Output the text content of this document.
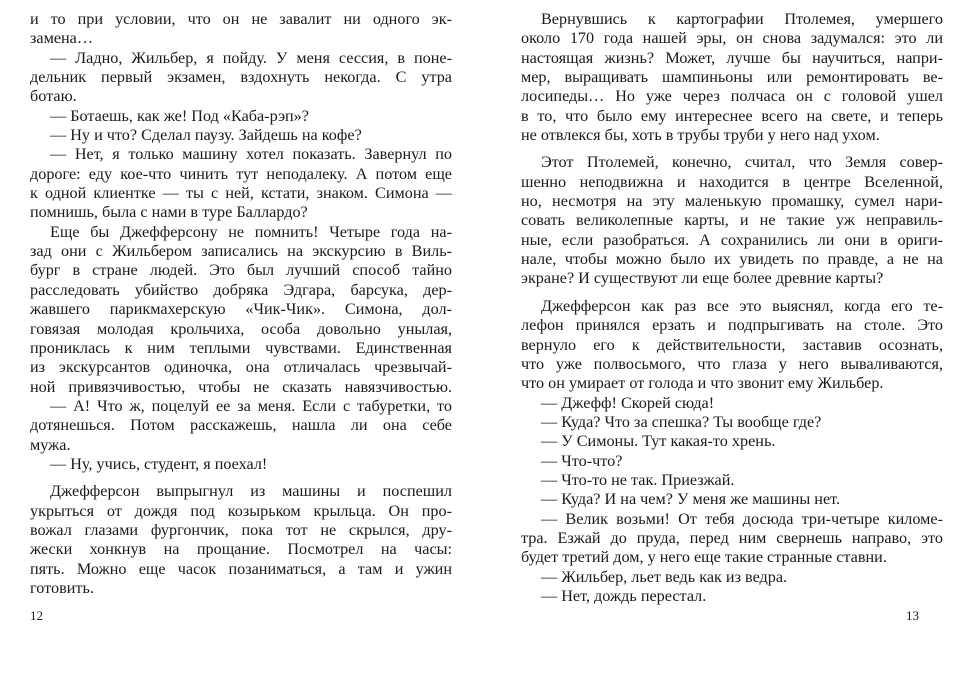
и то при условии, что он не завалит ни одного эк-
замена…
— Ладно, Жильбер, я пойду. У меня сессия, в поне-
дельник первый экзамен, вздохнуть некогда. С утра
ботаю.
— Ботаешь, как же! Под «Каба-рэп»?
— Ну и что? Сделал паузу. Зайдешь на кофе?
— Нет, я только машину хотел показать. Завернул по
дороге: еду кое-что чинить тут неподалеку. А потом еще
к одной клиентке — ты с ней, кстати, знаком. Симона —
помнишь, была с нами в туре Баллардо?
Еще бы Джефферсону не помнить! Четыре года на-
зад они с Жильбером записались на экскурсию в Виль-
бург в стране людей. Это был лучший способ тайно
расследовать убийство добряка Эдгара, барсука, дер-
жавшего парикмахерскую «Чик-Чик». Симона, дол-
говязая молодая крольчиха, особа довольно унылая,
прониклась к ним теплыми чувствами. Единственная
из экскурсантов одиночка, она отличалась чрезвычай-
ной привязчивостью, чтобы не сказать навязчивостью.
— А! Что ж, поцелуй ее за меня. Если с табуретки, то
дотянешься. Потом расскажешь, нашла ли она себе
мужа.
— Ну, учись, студент, я поехал!
Джефферсон выпрыгнул из машины и поспешил
укрыться от дождя под козырьком крыльца. Он про-
вожал глазами фургончик, пока тот не скрылся, дру-
жески хонкнув на прощание. Посмотрел на часы:
пять. Можно еще часок позаниматься, а там и ужин
готовить.
Вернувшись к картографии Птолемея, умершего
около 170 года нашей эры, он снова задумался: это ли
настоящая жизнь? Может, лучше бы научиться, напри-
мер, выращивать шампиньоны или ремонтировать ве-
лосипеды… Но уже через полчаса он с головой ушел
в то, что было ему интереснее всего на свете, и теперь
не отвлекся бы, хоть в трубы труби у него над ухом.
Этот Птолемей, конечно, считал, что Земля совер-
шенно неподвижна и находится в центре Вселенной,
но, несмотря на эту маленькую промашку, сумел нари-
совать великолепные карты, и не такие уж неправиль-
ные, если разобраться. А сохранились ли они в ориги-
нале, чтобы можно было их увидеть по правде, а не на
экране? И существуют ли еще более древние карты?
Джефферсон как раз все это выяснял, когда его те-
лефон принялся ерзать и подпрыгивать на столе. Это
вернуло его к действительности, заставив осознать,
что уже полвосьмого, что глаза у него вываливаются,
что он умирает от голода и что звонит ему Жильбер.
— Джефф! Скорей сюда!
— Куда? Что за спешка? Ты вообще где?
— У Симоны. Тут какая-то хрень.
— Что-что?
— Что-то не так. Приезжай.
— Куда? И на чем? У меня же машины нет.
— Велик возьми! От тебя досюда три-четыре киломе-
тра. Езжай до пруда, перед ним свернешь направо, это
будет третий дом, у него еще такие странные ставни.
— Жильбер, льет ведь как из ведра.
— Нет, дождь перестал.
12	13
